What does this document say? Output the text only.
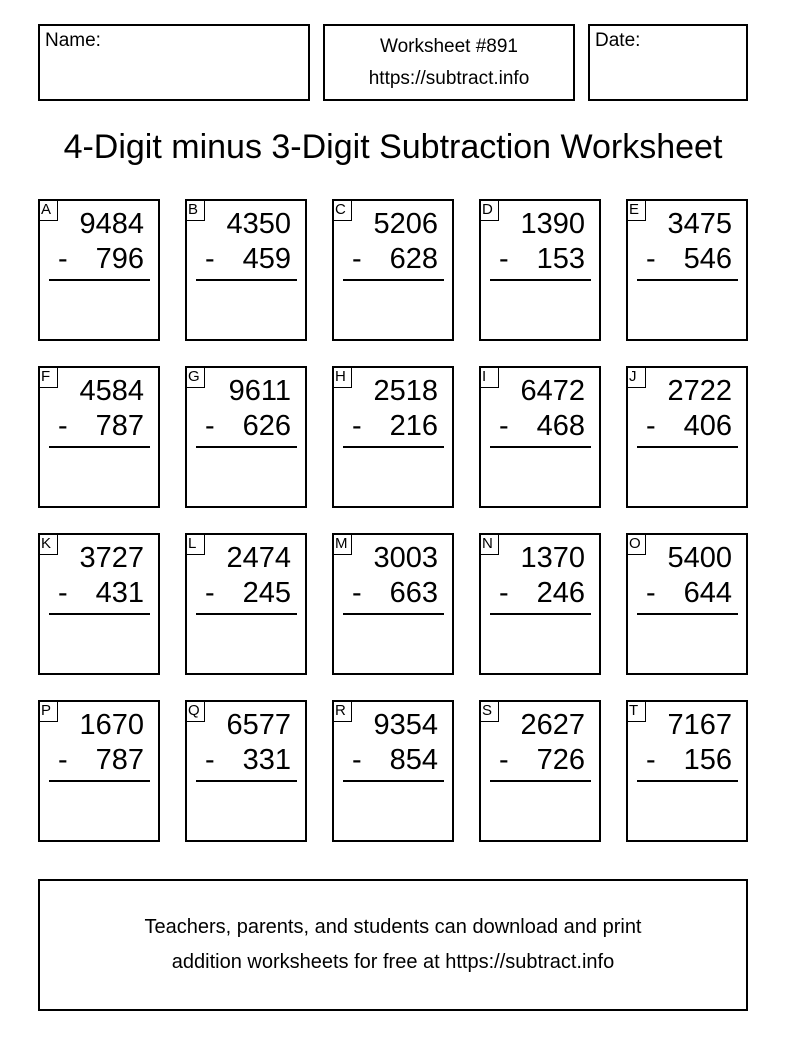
Name:	Worksheet #891
https://subtract.info
Date:
4-Digit minus 3-Digit Subtraction Worksheet
A 9484
- 796
B 4350
- 459
C 5206
- 628
D 1390
- 153
E 3475
- 546
F 4584
- 787
G 9611
- 626
H 2518
- 216
I	6472
- 468
J	2722
- 406
K 3727
- 431
L 2474
- 245
M 3003
- 663
N 1370
- 246
O 5400
- 644
P 1670
- 787
Q 6577
- 331
R 9354
- 854
S 2627
- 726
T 7167
- 156
Teachers, parents, and students can download and print
addition worksheets for free at https://subtract.info
